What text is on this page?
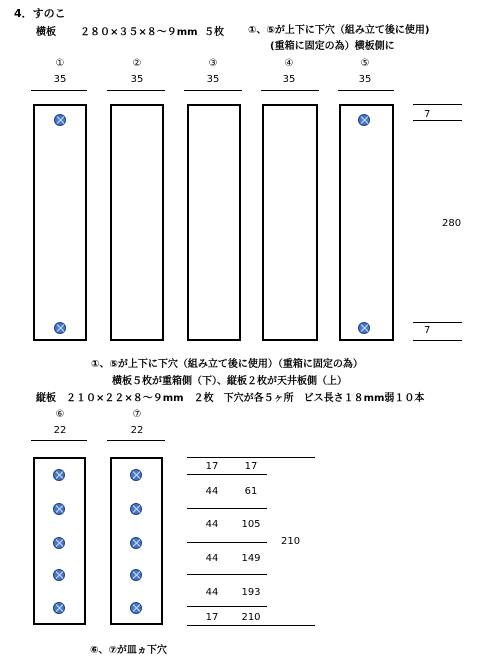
4．すのこ
横板 ２８０×３５×８～９mm ５枚 ①、⑤が上下に下穴（組み立て後に使用)
(重箱に固定の為）横板側に
①
35
②
35
③
35
④
35
⑤
35
7
280
7
①、⑤が上下に下穴（組み立て後に使用）（重箱に固定の為）
横板５枚が重箱側（下）、縦板２枚が天井板側（上）
縦板　２１０×２２×８～９mm　２枚　下穴が各５ヶ所　ビス長さ１８mm弱１０本
⑥
22
⑦
22
17	17
44	61
44	105
44	149
44	193
17	210
210
⑥、⑦が皿ヵ下穴
